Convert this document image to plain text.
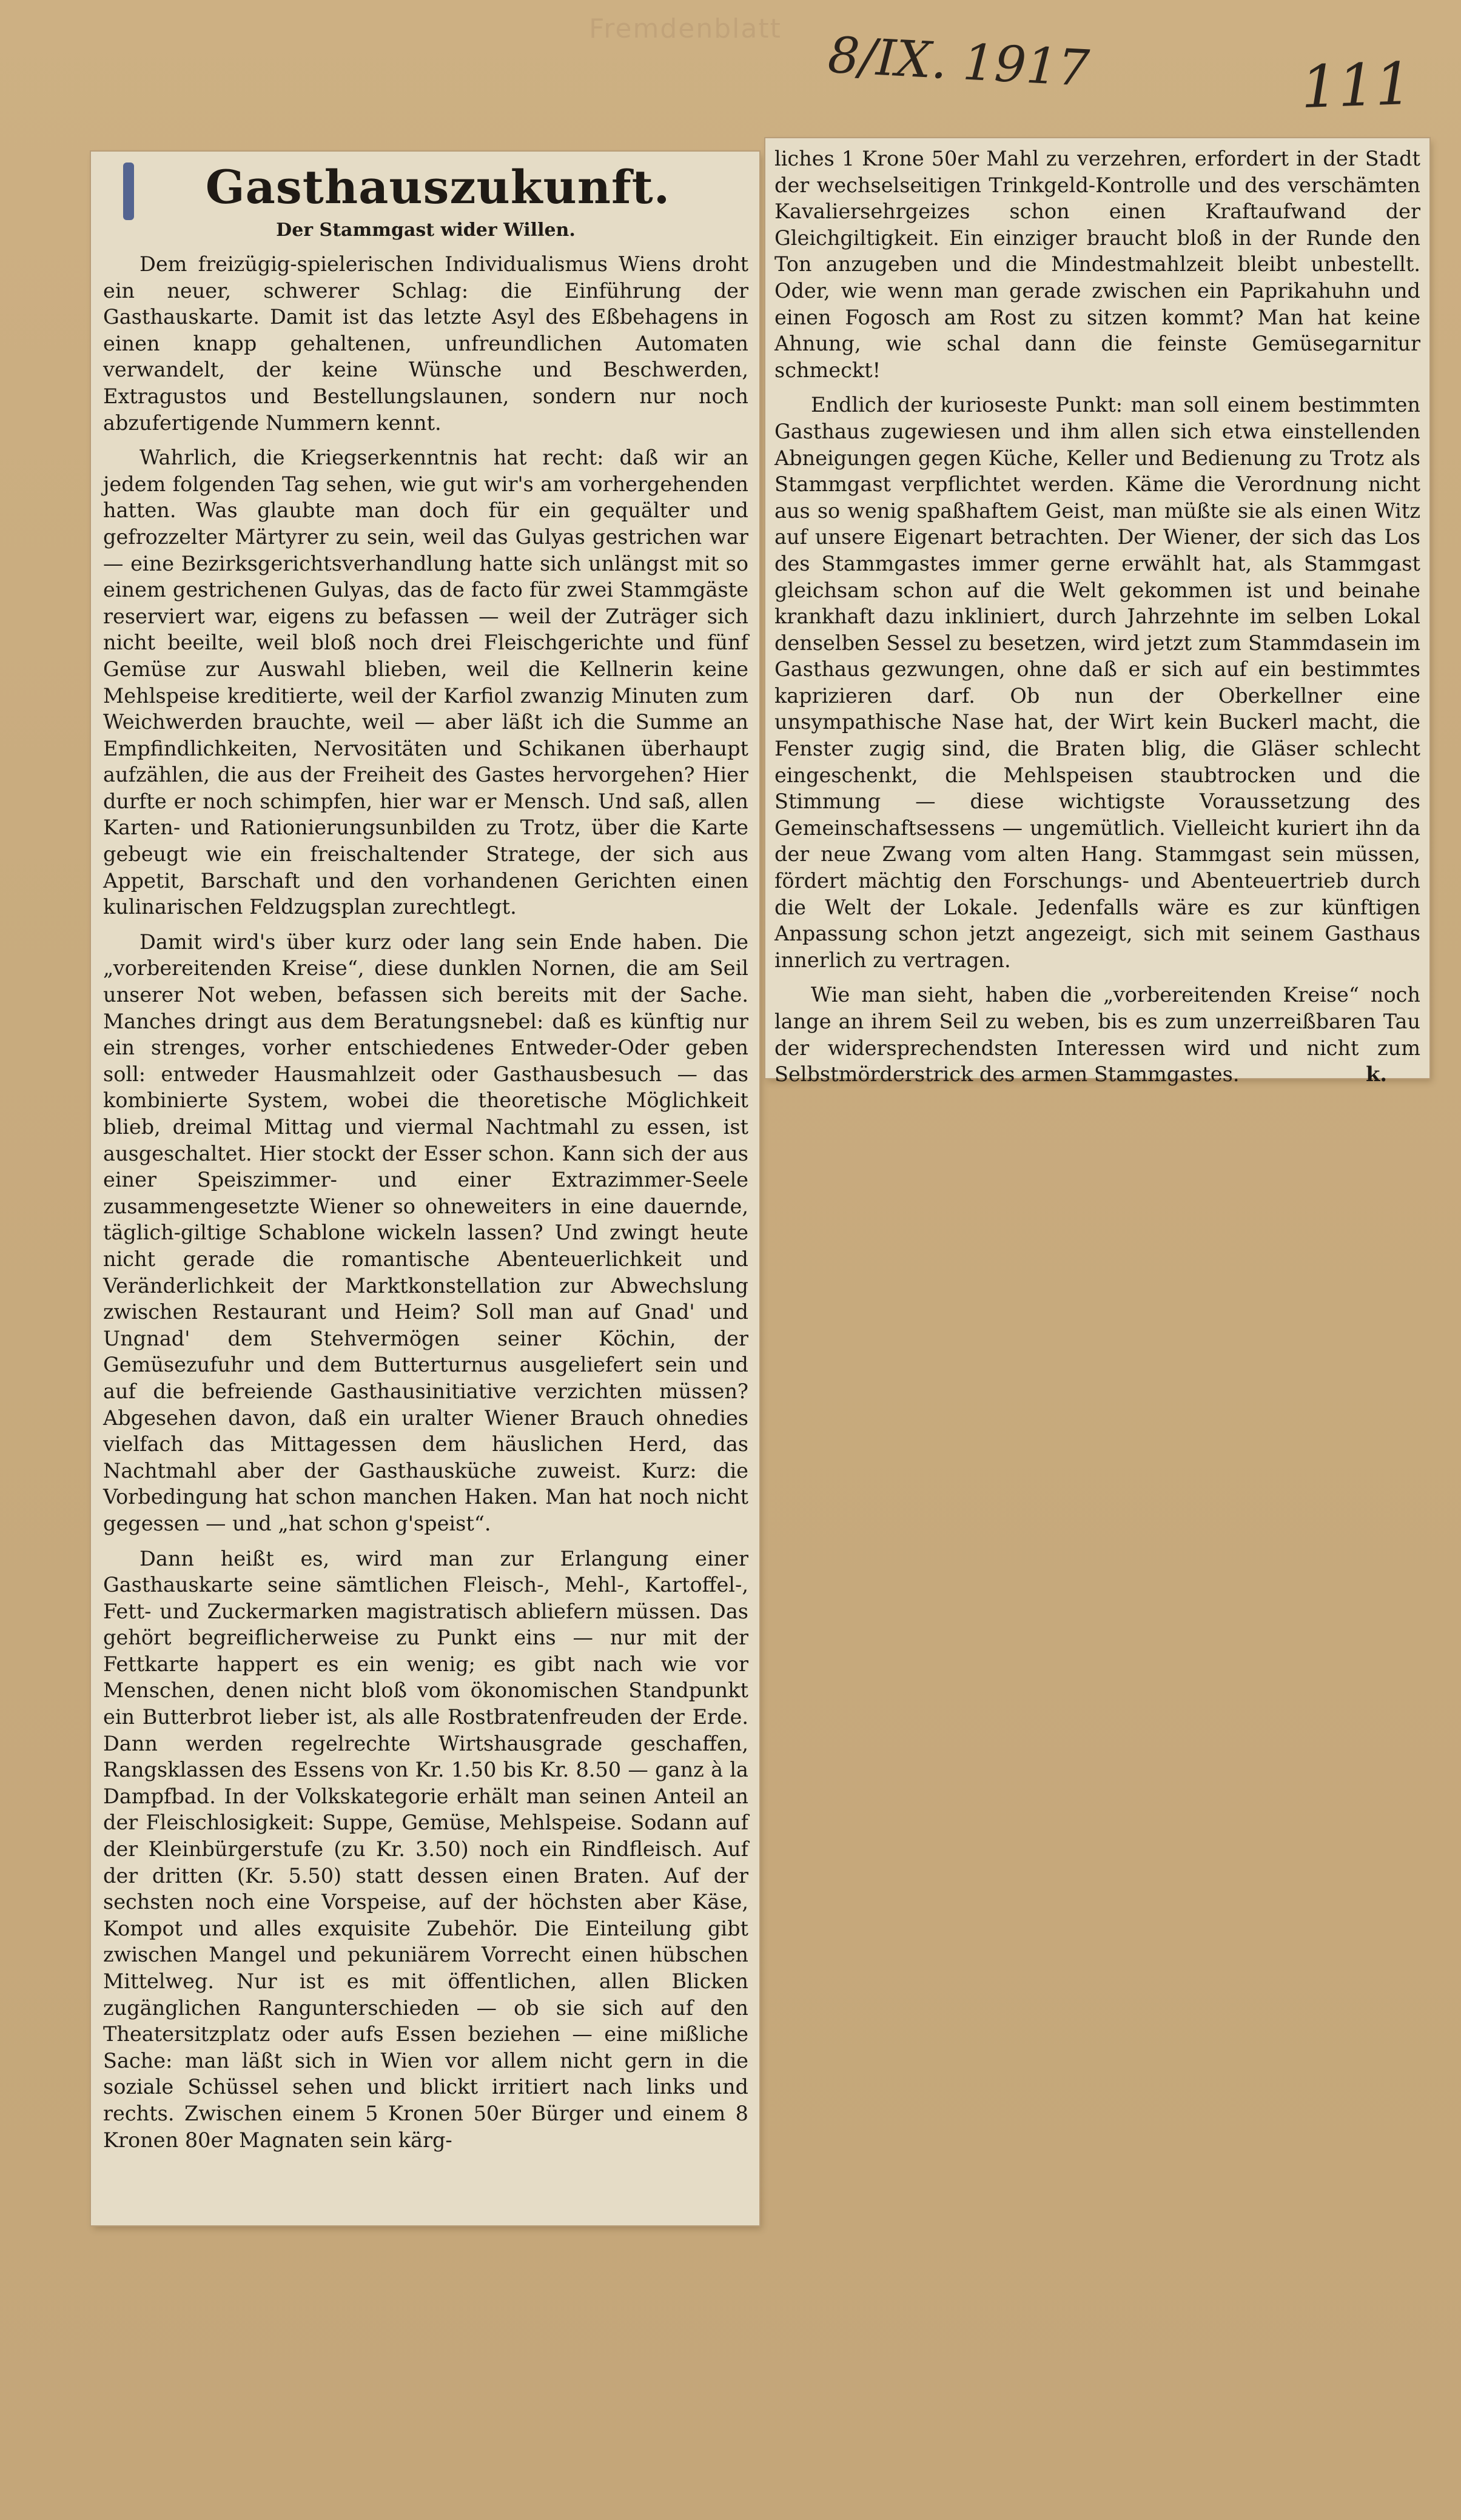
Fremdenblatt 8/IX. 1917	111
Gasthauszukunft.
Der Stammgast wider Willen.

Dem freizügig-spielerischen Individualismus Wiens droht ein neuer, schwerer Schlag: die Einführung der Gasthauskarte. Damit ist das letzte Asyl des Eßbehagens in einen knapp gehaltenen, unfreundlichen Automaten verwandelt, der keine Wünsche und Beschwerden, Extragustos und Bestellungslaunen, sondern nur noch abzufertigende Nummern kennt.

Wahrlich, die Kriegserkenntnis hat recht: daß wir an jedem folgenden Tag sehen, wie gut wir's am vorhergehenden hatten. Was glaubte man doch für ein gequälter und gefrozzelter Märtyrer zu sein, weil das Gulyas gestrichen war — eine Bezirksgerichtsverhandlung hatte sich unlängst mit so einem gestrichenen Gulyas, das de facto für zwei Stammgäste reserviert war, eigens zu befassen — weil der Zuträger sich nicht beeilte, weil bloß noch drei Fleischgerichte und fünf Gemüse zur Auswahl blieben, weil die Kellnerin keine Mehlspeise kreditierte, weil der Karfiol zwanzig Minuten zum Weichwerden brauchte, weil — aber läßt ich die Summe an Empfindlichkeiten, Nervositäten und Schikanen überhaupt aufzählen, die aus der Freiheit des Gastes hervorgehen? Hier durfte er noch schimpfen, hier war er Mensch. Und saß, allen Karten- und Rationierungsunbilden zu Trotz, über die Karte gebeugt wie ein freischaltender Stratege, der sich aus Appetit, Barschaft und den vorhandenen Gerichten einen kulinarischen Feldzugsplan zurechtlegt.

Damit wird's über kurz oder lang sein Ende haben. Die „vorbereitenden Kreise“, diese dunklen Nornen, die am Seil unserer Not weben, befassen sich bereits mit der Sache. Manches dringt aus dem Beratungsnebel: daß es künftig nur ein strenges, vorher entschiedenes Entweder-Oder geben soll: entweder Hausmahlzeit oder Gasthausbesuch — das kombinierte System, wobei die theoretische Möglichkeit blieb, dreimal Mittag und viermal Nachtmahl zu essen, ist ausgeschaltet. Hier stockt der Esser schon. Kann sich der aus einer Speiszimmer- und einer Extrazimmer-Seele zusammengesetzte Wiener so ohneweiters in eine dauernde, täglich-giltige Schablone wickeln lassen? Und zwingt heute nicht gerade die romantische Abenteuerlichkeit und Veränderlichkeit der Marktkonstellation zur Abwechslung zwischen Restaurant und Heim? Soll man auf Gnad' und Ungnad' dem Stehvermögen seiner Köchin, der Gemüsezufuhr und dem Butterturnus ausgeliefert sein und auf die befreiende Gasthausinitiative verzichten müssen? Abgesehen davon, daß ein uralter Wiener Brauch ohnedies vielfach das Mittagessen dem häuslichen Herd, das Nachtmahl aber der Gasthausküche zuweist. Kurz: die Vorbedingung hat schon manchen Haken. Man hat noch nicht gegessen — und „hat schon g'speist“.

Dann heißt es, wird man zur Erlangung einer Gasthauskarte seine sämtlichen Fleisch-, Mehl-, Kartoffel-, Fett- und Zuckermarken magistratisch abliefern müssen. Das gehört begreiflicherweise zu Punkt eins — nur mit der Fettkarte happert es ein wenig; es gibt nach wie vor Menschen, denen nicht bloß vom ökonomischen Standpunkt ein Butterbrot lieber ist, als alle Rostbratenfreuden der Erde. Dann werden regelrechte Wirtshausgrade geschaffen, Rangsklassen des Essens von Kr. 1.50 bis Kr. 8.50 — ganz à la Dampfbad. In der Volkskategorie erhält man seinen Anteil an der Fleischlosigkeit: Suppe, Gemüse, Mehlspeise. Sodann auf der Kleinbürgerstufe (zu Kr. 3.50) noch ein Rindfleisch. Auf der dritten (Kr. 5.50) statt dessen einen Braten. Auf der sechsten noch eine Vorspeise, auf der höchsten aber Käse, Kompot und alles exquisite Zubehör. Die Einteilung gibt zwischen Mangel und pekuniärem Vorrecht einen hübschen Mittelweg. Nur ist es mit öffentlichen, allen Blicken zugänglichen Rangunterschieden — ob sie sich auf den Theatersitzplatz oder aufs Essen beziehen — eine mißliche Sache: man läßt sich in Wien vor allem nicht gern in die soziale Schüssel sehen und blickt irritiert nach links und rechts. Zwischen einem 5 Kronen 50er Bürger und einem 8 Kronen 80er Magnaten sein kärg-

liches 1 Krone 50er Mahl zu verzehren, erfordert in der Stadt der wechselseitigen Trinkgeld-Kontrolle und des verschämten Kavaliersehrgeizes schon einen Kraftaufwand der Gleichgiltigkeit. Ein einziger braucht bloß in der Runde den Ton anzugeben und die Mindestmahlzeit bleibt unbestellt. Oder, wie wenn man gerade zwischen ein Paprikahuhn und einen Fogosch am Rost zu sitzen kommt? Man hat keine Ahnung, wie schal dann die feinste Gemüsegarnitur schmeckt!

Endlich der kurioseste Punkt: man soll einem bestimmten Gasthaus zugewiesen und ihm allen sich etwa einstellenden Abneigungen gegen Küche, Keller und Bedienung zu Trotz als Stammgast verpflichtet werden. Käme die Verordnung nicht aus so wenig spaßhaftem Geist, man müßte sie als einen Witz auf unsere Eigenart betrachten. Der Wiener, der sich das Los des Stammgastes immer gerne erwählt hat, als Stammgast gleichsam schon auf die Welt gekommen ist und beinahe krankhaft dazu inkliniert, durch Jahrzehnte im selben Lokal denselben Sessel zu besetzen, wird jetzt zum Stammdasein im Gasthaus gezwungen, ohne daß er sich auf ein bestimmtes kaprizieren darf. Ob nun der Oberkellner eine unsympathische Nase hat, der Wirt kein Buckerl macht, die Fenster zugig sind, die Braten blig, die Gläser schlecht eingeschenkt, die Mehlspeisen staubtrocken und die Stimmung — diese wichtigste Voraussetzung des Gemeinschaftsessens — ungemütlich. Vielleicht kuriert ihn da der neue Zwang vom alten Hang. Stammgast sein müssen, fördert mächtig den Forschungs- und Abenteuertrieb durch die Welt der Lokale. Jedenfalls wäre es zur künftigen Anpassung schon jetzt angezeigt, sich mit seinem Gasthaus innerlich zu vertragen.

Wie man sieht, haben die „vorbereitenden Kreise“ noch lange an ihrem Seil zu weben, bis es zum unzerreißbaren Tau der widersprechendsten Interessen wird und nicht zum Selbstmörderstrick des armen Stammgastes.	k.
